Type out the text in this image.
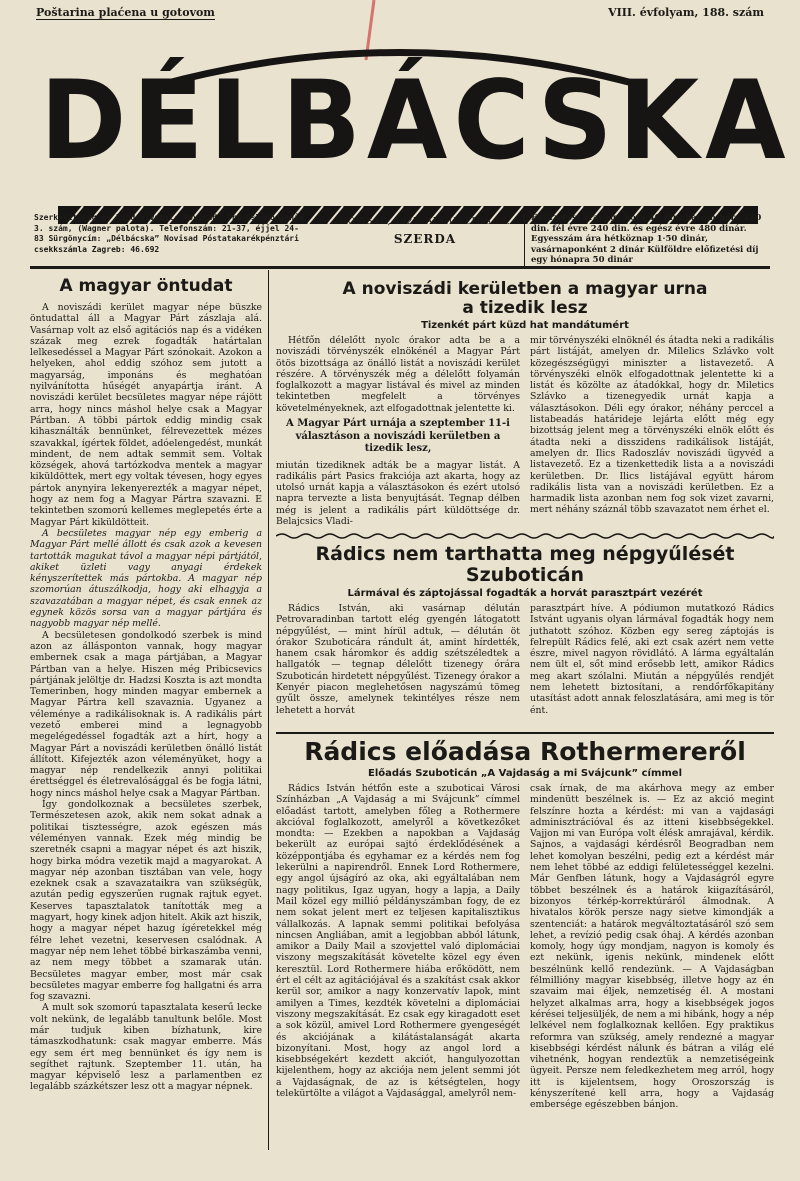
Poštarina plaćena u gotovom	VIII. évfolyam, 188. szám
DÉLBÁCSKA
Szerkesztőség és kiadóhivatal: Novisad, Trg Oslobodjenja 3. szám, (Wagner palota). Telefonszám: 21-37, éjjel 24-83 Sürgönycím: „Délbácska” Novisad Póstatakarékpénztári csekkszámla Zagreb: 46.692
NOVISAD, 1927. AUGUSZTUS 17.
SZERDA
Előfizetési ára: egy hóra 40 din; három hóra 120 din. fél évre 240 din. és egész évre 480 dinár. Egyesszám ára hétköznap 1·50 dinár, vasárnaponként 2 dinár Külföldre előfizetési díj egy hónapra 50 dinár
A magyar öntudat

A noviszádi kerület magyar népe büszke öntudattal áll a Magyar Párt zászlaja alá. Vasárnap volt az első agitációs nap és a vidéken százak meg ezrek fogadták határtalan lelkesedéssel a Magyar Párt szónokait. Azokon a helyeken, ahol eddig szóhoz sem jutott a magyarság, imponáns és meghatóan nyilvánította hűségét anyapártja iránt. A noviszádi kerület becsületes magyar népe rájött arra, hogy nincs máshol helye csak a Magyar Pártban. A többi pártok eddig mindig csak kihasználták bennünket, félrevezettek mézes szavakkal, ígértek földet, adóelengedést, munkát mindent, de nem adtak semmit sem. Voltak községek, ahová tartózkodva mentek a magyar kiküldöttek, mert egy voltak tévesen, hogy egyes pártok anynyira lekenyerezték a magyar népet, hogy az nem fog a Magyar Pártra szavazni. E tekintetben szomorú kellemes meglepetés érte a Magyar Párt kiküldötteit.

A becsületes magyar nép egy emberig a Magyar Párt mellé állott és csak azok a kevesen tartották magukat távol a magyar népi pártjától, akiket üzleti vagy anyagi érdekek kényszerítettek más pártokba. A magyar nép szomorúan átuszálkodja, hogy aki elhagyja a szavazatában a magyar népet, és csak ennek az egynek közös sorsa van a magyar pártjára és nagyobb magyar nép mellé.

A becsületesen gondolkodó szerbek is mind azon az állásponton vannak, hogy magyar embernek csak a maga pártjában, a Magyar Pártban van a helye. Hiszen még Pribicsevics pártjának jelöltje dr. Hadzsi Koszta is azt mondta Temerinben, hogy minden magyar embernek a Magyar Pártra kell szavaznia. Ugyanez a véleménye a radikálisoknak is. A radikális párt vezető emberei mind a legnagyobb megelégedéssel fogadták azt a hírt, hogy a Magyar Párt a noviszádi kerületben önálló listát állított. Kifejezték azon véleményüket, hogy a magyar nép rendelkezik annyi politikai érettséggel és életrevalósággal és be fogja látni, hogy nincs máshol helye csak a Magyar Pártban.

Így gondolkoznak a becsületes szerbek, Természetesen azok, akik nem sokat adnak a politikai tisztességre, azok egészen más véleményen vannak. Ezek még mindig be szeretnék csapni a magyar népet és azt hiszik, hogy birka módra vezetik majd a magyarokat. A magyar nép azonban tisztában van vele, hogy ezeknek csak a szavazataikra van szükségük, azután pedig egyszerűen rugnak rajtuk egyet. Keserves tapasztalatok tanították meg a magyart, hogy kinek adjon hitelt. Akik azt hiszik, hogy a magyar népet hazug ígéretekkel még félre lehet vezetni, keservesen csalódnak. A magyar nép nem lehet többé birkaszámba venni, az nem megy többet a szamarak után. Becsületes magyar ember, most már csak becsületes magyar emberre fog hallgatni és arra fog szavazni.

A mult sok szomorú tapasztalata keserű lecke volt nekünk, de legalább tanultunk belőle. Most már tudjuk kiben bízhatunk, kire támaszkodhatunk: csak magyar emberre. Más egy sem ért meg bennünket és így nem is segíthet rajtunk. Szeptember 11. után, ha magyar képviselő lesz a parlamentben ez legalább százkétszer lesz ott a magyar népnek.

A noviszádi kerületben a magyar urna
a tizedik lesz
Tizenkét párt küzd hat mandátumért

Hétfőn délelőtt nyolc órakor adta be a a noviszádi törvényszék elnökénél a Magyar Párt ötös bizottsága az önálló listát a noviszádi kerület részére. A törvényszék még a délelőtt folyamán foglalkozott a magyar listával és mivel az minden tekintetben megfelelt a törvényes követelményeknek, azt elfogadottnak jelentette ki.

A Magyar Párt urnája a szeptember 11-i választáson a noviszádi kerületben a tizedik lesz,

miután tizediknek adták be a magyar listát. A radikális párt Pasics frakciója azt akarta, hogy az utolsó urnát kapja a választásokon és ezért utolsó napra tervezte a lista benyujtását. Tegnap délben még is jelent a radikális párt küldöttsége dr. Belajcsics Vladi-

mir törvényszéki elnöknél és átadta neki a radikális párt listáját, amelyen dr. Milelics Szlávko volt közegészségügyi miniszter a listavezető. A törvényszéki elnök elfogadottnak jelentette ki a listát és közölte az átadókkal, hogy dr. Miletics Szlávko a tizenegyedik urnát kapja a választásokon. Déli egy órakor, néhány perccel a listabeadás határideje lejárta előtt még egy bizottság jelent meg a törvényszéki elnök előtt és átadta neki a disszidens radikálisok listáját, amelyen dr. Ilics Radoszláv noviszádi ügyvéd a listavezető. Ez a tizenkettedik lista a a noviszádi kerületben. Dr. Ilics listájával együtt három radikális lista van a noviszádi kerületben. Ez a harmadik lista azonban nem fog sok vizet zavarni, mert néhány száznál több szavazatot nem érhet el.

Rádics nem tarthatta meg népgyűlését
Szuboticán
Lármával és záptojással fogadták a horvát parasztpárt vezérét

Rádics István, aki vasárnap délután Petrovaradinban tartott elég gyengén látogatott népgyűlést, — mint hírül adtuk, — délután öt órakor Szuboticára rándult át, amint hírdették, hanem csak háromkor és addig szétszéledtek a hallgatók — tegnap délelőtt tizenegy órára Szuboticán hirdetett népgyűlést. Tizenegy órakor a Kenyér piacon meglehetősen nagyszámú tömeg gyűlt össze, amelynek tekintélyes része nem lehetett a horvát

parasztpárt híve. A pódiumon mutatkozó Rádics Istvánt ugyanis olyan lármával fogadták hogy nem juthatott szóhoz. Közben egy sereg záptojás is felrepült Rádics felé, aki ezt csak azért nem vette észre, mivel nagyon rövidlátó. A lárma egyáltalán nem ült el, sőt mind erősebb lett, amikor Rádics meg akart szólalni. Miután a népgyűlés rendjét nem lehetett biztosítani, a rendőrfőkapitány utasítást adott annak feloszlatására, ami meg is tör ént.

Rádics előadása Rothermereről
Előadás Szuboticán „A Vajdaság a mi Svájcunk” címmel

Rádics István hétfőn este a szuboticai Városi Színházban „A Vajdaság a mi Svájcunk” címmel előadást tartott, amelyben főleg a Rothermere akcióval foglalkozott, amelyről a következőket mondta: — Ezekben a napokban a Vajdaság bekerült az európai sajtó érdeklődésének a középpontjába és egyhamar ez a kérdés nem fog lekerülni a napirendről. Ennek Lord Rothermere, egy angol újságíró az oka, aki egyáltalában nem nagy politikus, Igaz ugyan, hogy a lapja, a Daily Mail közel egy millió példányszámban fogy, de ez nem sokat jelent mert ez teljesen kapitalisztikus vállalkozás. A lapnak semmi politikai befolyása nincsen Angliában, amit a legjobban abból látunk, amikor a Daily Mail a szovjettel való diplomáciai viszony megszakítását követelte közel egy éven keresztül. Lord Rothermere hiába erőködött, nem ért el célt az agitációjával és a szakítást csak akkor kerül sor, amikor a nagy konzervatív lapok, mint amilyen a Times, kezdték követelni a diplomáciai viszony megszakítását. Ez csak egy kiragadott eset a sok közül, amivel Lord Rothermere gyengeségét és akciójának a kilátástalanságát akarta bizonyítani. Most, hogy az angol lord a kisebbségekért kezdett akciót, hangulyozottan kijelenthem, hogy az akciója nem jelent semmi jót a Vajdaságnak, de az is kétségtelen, hogy telekürtölte a világot a Vajdasággal, amelyről nem-

csak írnak, de ma akárhova megy az ember mindenütt beszélnek is. — Ez az akció megint felszínre hozta a kérdést: mi van a vajdasági adminisztrációval és az itteni kisebbségekkel. Vajjon mi van Európa volt élésk amrajával, kérdik. Sajnos, a vajdasági kérdésről Beogradban nem lehet komolyan beszélni, pedig ezt a kérdést már nem lehet többé az eddigi felületességgel kezelni. Már Genfben látunk, hogy a Vajdaságról egyre többet beszélnek és a határok kiigazításáról, bizonyos térkép-korrektúráról álmodnak. A hivatalos körök persze nagy sietve kimondják a szentenciát: a határok megváltoztatásáról szó sem lehet, a revízió pedig csak óhaj. A kérdés azonban komoly, hogy úgy mondjam, nagyon is komoly és ezt nekünk, igenis nekünk, mindenek előtt beszélnünk kellő rendezünk. — A Vajdaságban félmillióny magyar kisebbség, illetve hogy az én szavaim mai éljek, nemzetiség él. A mostani helyzet alkalmas arra, hogy a kisebbségek jogos kérései teljesüljék, de nem a mi hibánk, hogy a nép lelkével nem foglalkoznak kellően. Egy praktikus reformra van szükség, amely rendezné a magyar kisebbségi kérdést nálunk és bátran a világ elé vihetnénk, hogyan rendeztük a nemzetiségeink ügyeit. Persze nem feledkezhetem meg arról, hogy itt is kijelentsem, hogy Oroszország is kényszerítené kell arra, hogy a Vajdaság embersége egészebben bánjon.
